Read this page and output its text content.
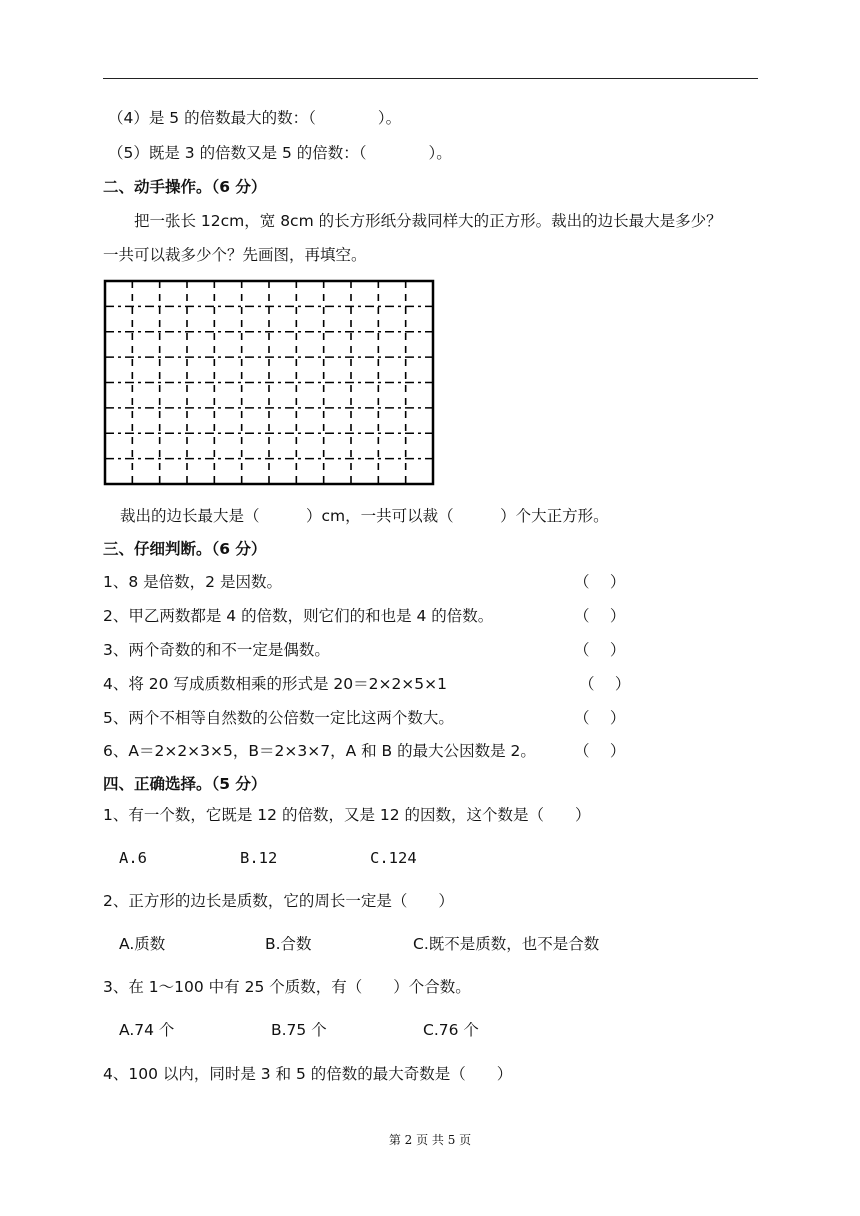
（4）是 5 的倍数最大的数：（　　　　）。
（5）既是 3 的倍数又是 5 的倍数：（　　　　）。
二、动手操作。（6 分）
把一张长 12cm，宽 8cm 的长方形纸分裁同样大的正方形。裁出的边长最大是多少？
一共可以裁多少个？先画图，再填空。
裁出的边长最大是（　　　）cm，一共可以裁（　　　）个大正方形。
三、仔细判断。（6 分）
1、8 是倍数，2 是因数。	（　 ）
2、甲乙两数都是 4 的倍数，则它们的和也是 4 的倍数。	（　 ）
3、两个奇数的和不一定是偶数。	（　 ）
4、将 20 写成质数相乘的形式是 20＝2×2×5×1	（　 ）
5、两个不相等自然数的公倍数一定比这两个数大。	（　 ）
6、A＝2×2×3×5，B＝2×3×7，A 和 B 的最大公因数是 2。 （　 ）
四、正确选择。（5 分）
1、有一个数，它既是 12 的倍数，又是 12 的因数，这个数是（　　）
A.6	B.12	C.124
2、正方形的边长是质数，它的周长一定是（　　）
A.质数	B.合数	C.既不是质数，也不是合数
3、在 1～100 中有 25 个质数，有（　　）个合数。
A.74 个	B.75 个	C.76 个
4、100 以内，同时是 3 和 5 的倍数的最大奇数是（　　）
第 2 页 共 5 页
